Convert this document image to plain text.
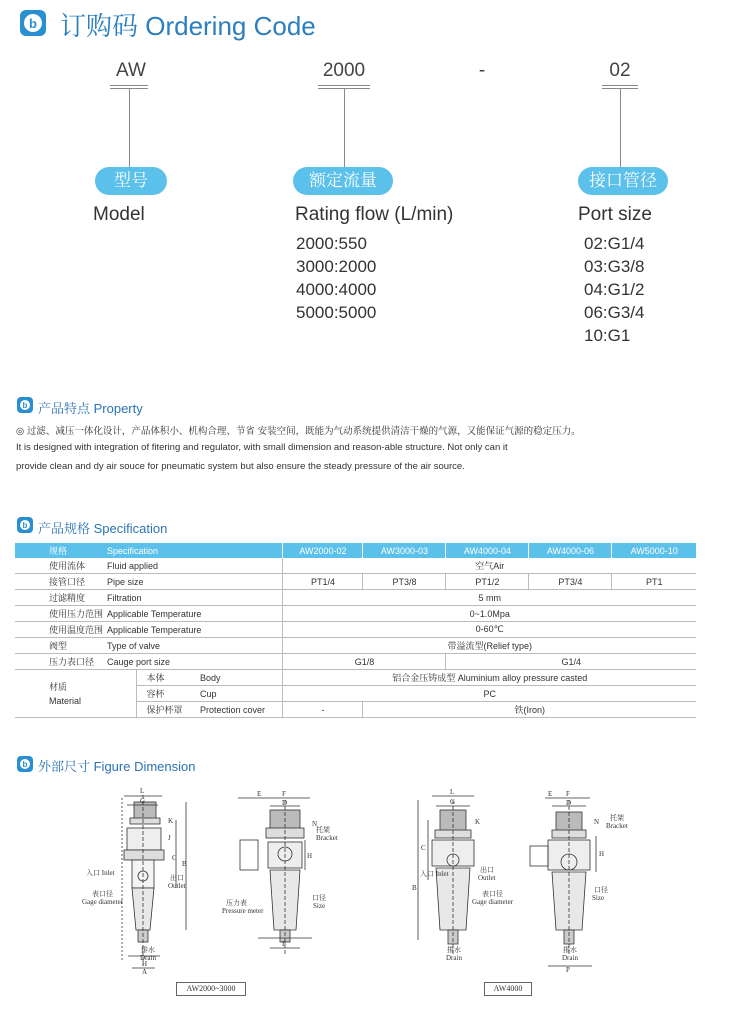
b 订购码 Ordering Code
AW
型号
Model
2000
额定流量
Rating flow (L/min)
2000:550
3000:2000
4000:4000
5000:5000
-	02
接口管径
Port size
02:G1/4
03:G3/8
04:G1/2
06:G3/4
10:G1
b 产品特点 Property
◎ 过滤、减压一体化设计，产品体积小、机构合理、节省 安装空间，既能为气动系统提供清洁干燥的气源，又能保证气源的稳定压力。
It is designed with integration of fitering and regulator, with small dimension and reason-able structure. Not only can it
provide clean and dy air souce for pneumatic system but also ensure the steady pressure of the air source.
b 产品规格 Specification
规格	Specification			AW2000-02	AW3000-03	AW4000-04	AW4000-06	AW5000-10
使用流体	Fluid applied			空气Air				
接管口径	Pipe size			PT1/4	PT3/8	PT1/2	PT3/4	PT1
过滤精度	Filtration			5 mm				
使用压力范围	Applicable Temperature			0~1.0Mpa				
使用温度范围	Applicable Temperature			0-60℃				
阀型	Type of valve			带溢流型(Relief type)				
压力表口径	Cauge port size			G1/8		G1/4		

材质
Material		本体	Body	铝合金压铸成型 Aluminium alloy pressure casted				
		容杯	Cup	PC				
		保护杯罩	Protection cover	-	铁(Iron)			
b 外部尺寸 Figure Dimension
L
G
K
J
C
B
H
A
E	F
D
N
H
P
L
G
K
C
B
E F
D
N
H
P
入口 Inlet
出口
Outlet
表口径
Gage diameter
排水
Drain
托架
Bracket
压力表
Pressure meter
口径
Size
入口 Inlet	出口
Outlet
表口径
Gage diameter
排水
Drain
托架
Bracket
口径
Size
排水
Drain
AW2000~3000	AW4000
